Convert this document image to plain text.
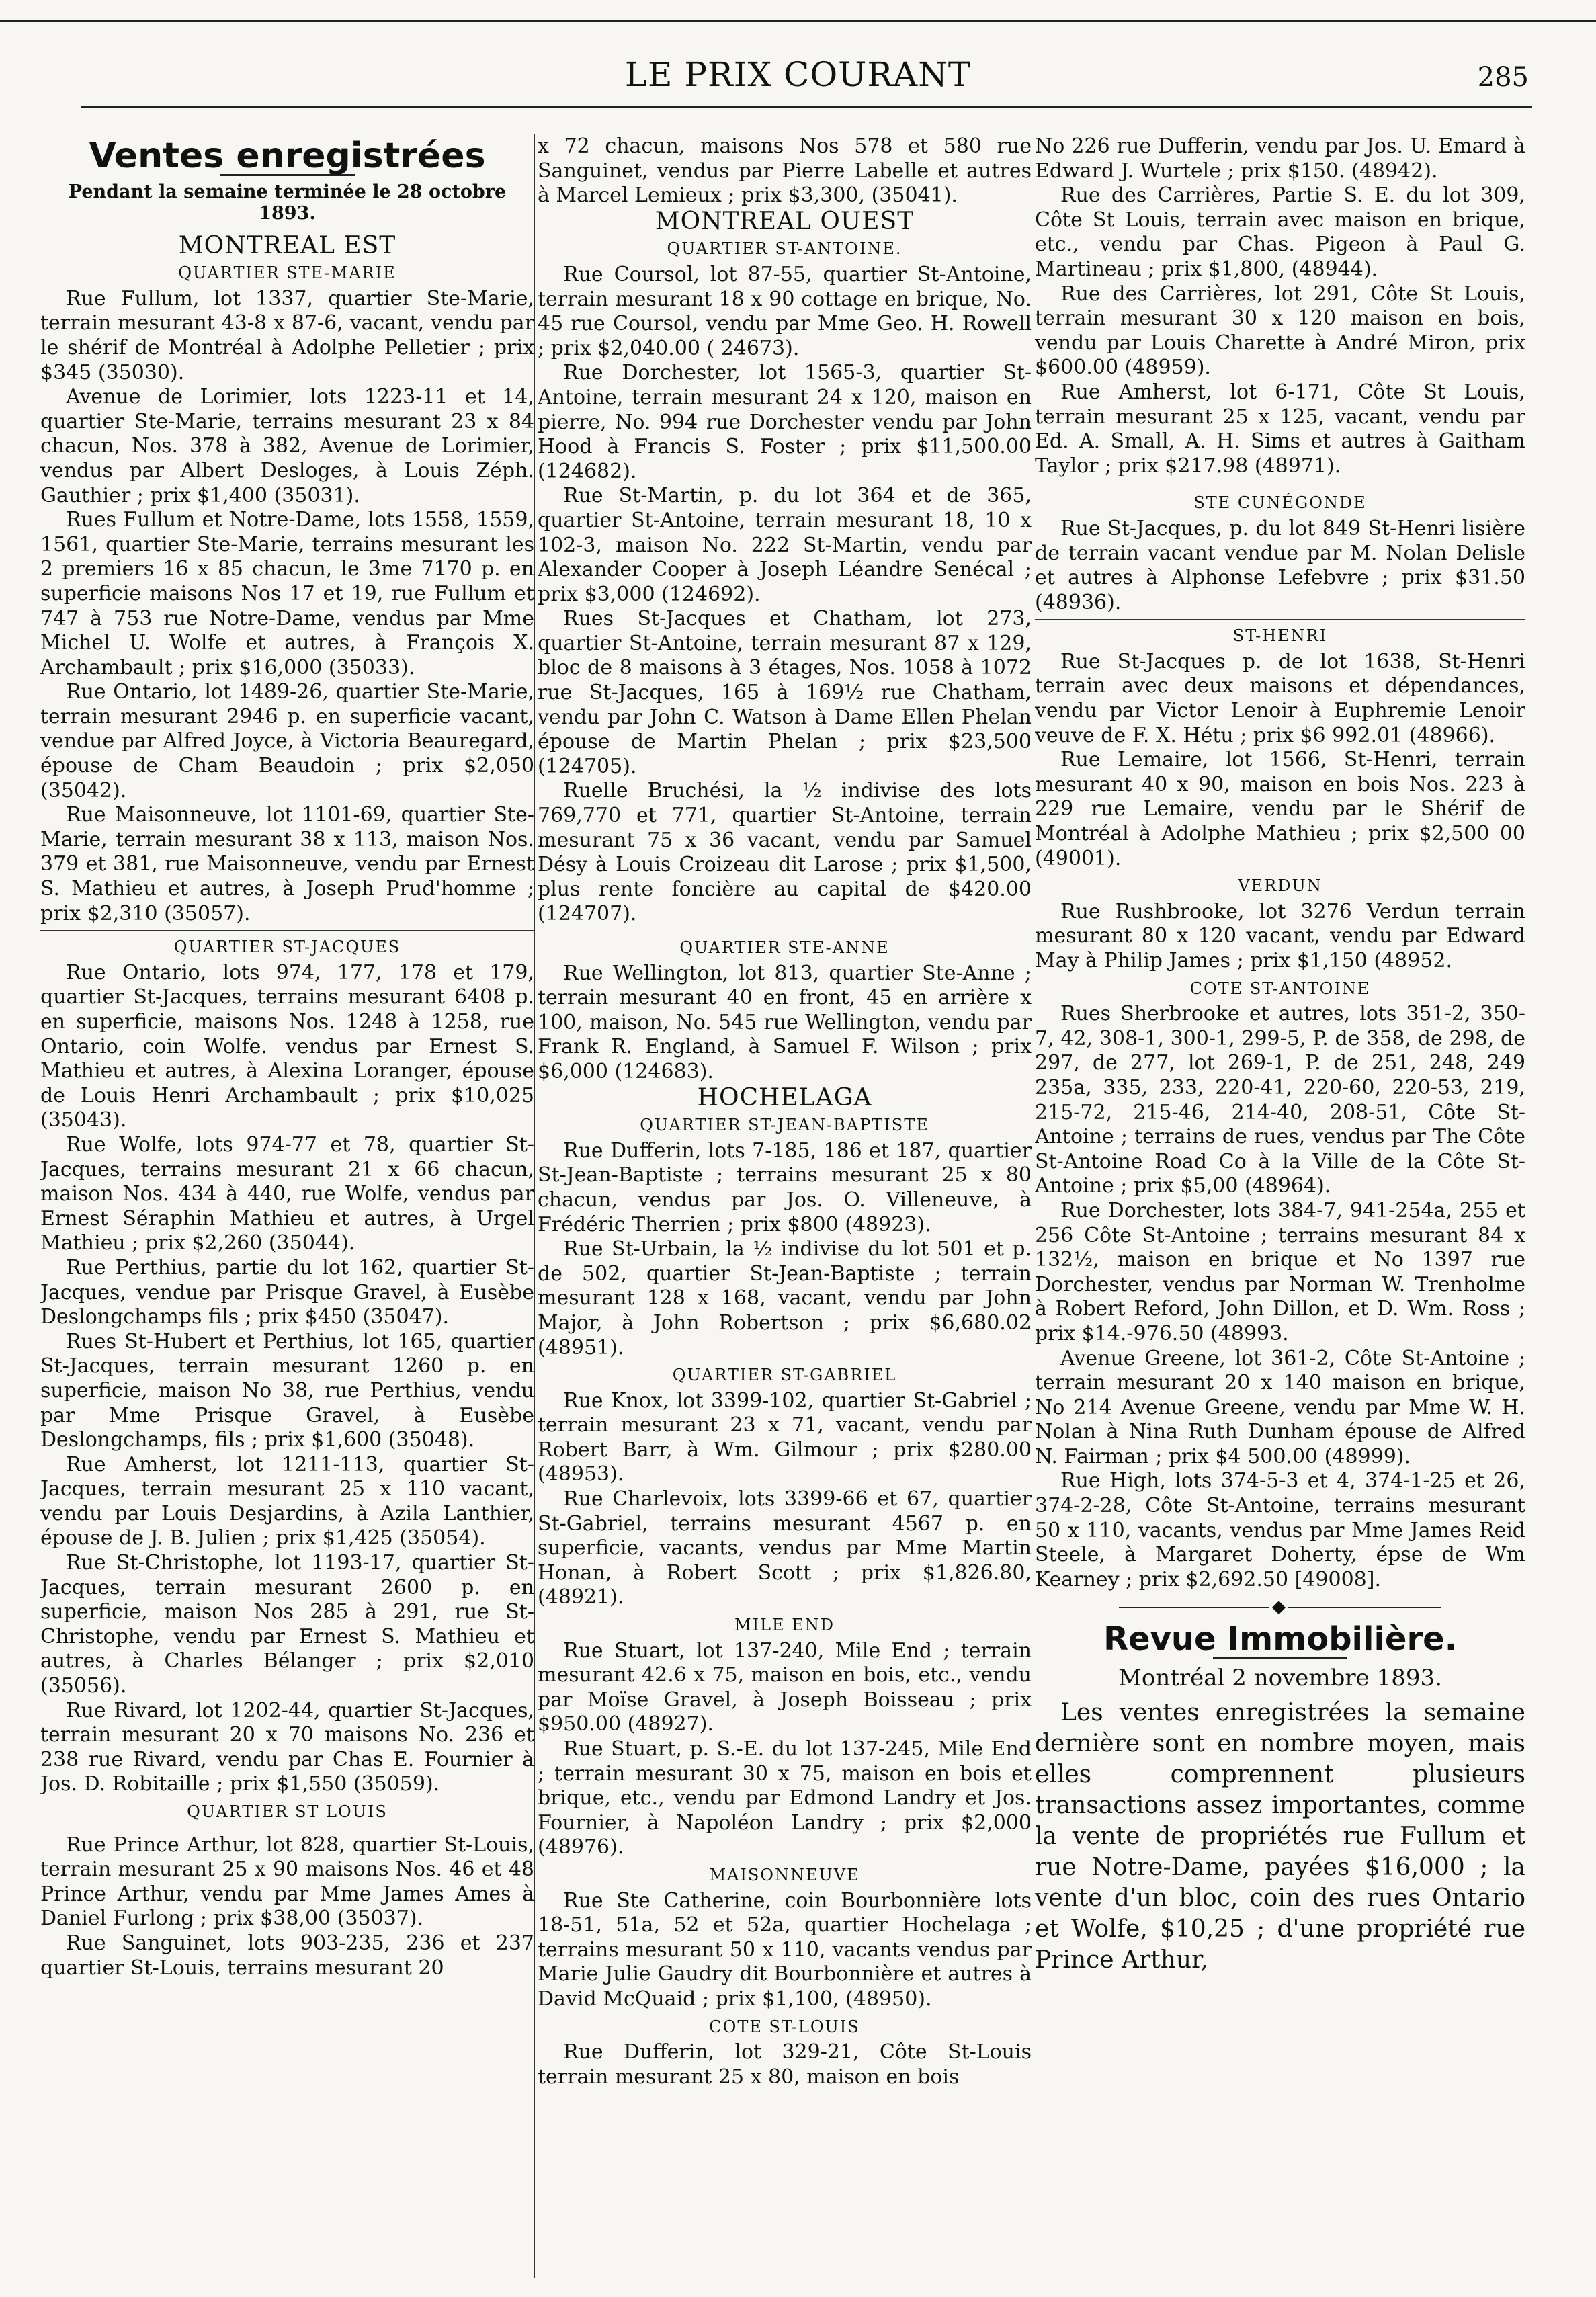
LE PRIX COURANT	285
Ventes enregistrées
Pendant la semaine terminée le 28 octobre 1893.
MONTREAL EST
QUARTIER STE-MARIE

Rue Fullum, lot 1337, quartier Ste-Marie, terrain mesurant 43-8 x 87-6, vacant, vendu par le shérif de Montréal à Adolphe Pelletier ; prix $345 (35030).

Avenue de Lorimier, lots 1223-11 et 14, quartier Ste-Marie, terrains mesurant 23 x 84 chacun, Nos. 378 à 382, Avenue de Lorimier, vendus par Albert Desloges, à Louis Zéph. Gauthier ; prix $1,400 (35031).

Rues Fullum et Notre-Dame, lots 1558, 1559, 1561, quartier Ste-Marie, terrains mesurant les 2 premiers 16 x 85 chacun, le 3me 7170 p. en superficie maisons Nos 17 et 19, rue Fullum et 747 à 753 rue Notre-Dame, vendus par Mme Michel U. Wolfe et autres, à François X. Archambault ; prix $16,000 (35033).

Rue Ontario, lot 1489-26, quartier Ste-Marie, terrain mesurant 2946 p. en superficie vacant, vendue par Alfred Joyce, à Victoria Beauregard, épouse de Cham Beaudoin ; prix $2,050 (35042).

Rue Maisonneuve, lot 1101-69, quartier Ste-Marie, terrain mesurant 38 x 113, maison Nos. 379 et 381, rue Maisonneuve, vendu par Ernest S. Mathieu et autres, à Joseph Prud'homme ; prix $2,310 (35057).

QUARTIER ST-JACQUES

Rue Ontario, lots 974, 177, 178 et 179, quartier St-Jacques, terrains mesurant 6408 p. en superficie, maisons Nos. 1248 à 1258, rue Ontario, coin Wolfe. vendus par Ernest S. Mathieu et autres, à Alexina Loranger, épouse de Louis Henri Archambault ; prix $10,025 (35043).

Rue Wolfe, lots 974-77 et 78, quartier St-Jacques, terrains mesurant 21 x 66 chacun, maison Nos. 434 à 440, rue Wolfe, vendus par Ernest Séraphin Mathieu et autres, à Urgel Mathieu ; prix $2,260 (35044).

Rue Perthius, partie du lot 162, quartier St-Jacques, vendue par Prisque Gravel, à Eusèbe Deslongchamps fils ; prix $450 (35047).

Rues St-Hubert et Perthius, lot 165, quartier St-Jacques, terrain mesurant 1260 p. en superficie, maison No 38, rue Perthius, vendu par Mme Prisque Gravel, à Eusèbe Deslongchamps, fils ; prix $1,600 (35048).

Rue Amherst, lot 1211-113, quartier St-Jacques, terrain mesurant 25 x 110 vacant, vendu par Louis Desjardins, à Azila Lanthier, épouse de J. B. Julien ; prix $1,425 (35054).

Rue St-Christophe, lot 1193-17, quartier St-Jacques, terrain mesurant 2600 p. en superficie, maison Nos 285 à 291, rue St-Christophe, vendu par Ernest S. Mathieu et autres, à Charles Bélanger ; prix $2,010 (35056).

Rue Rivard, lot 1202-44, quartier St-Jacques, terrain mesurant 20 x 70 maisons No. 236 et 238 rue Rivard, vendu par Chas E. Fournier à Jos. D. Robitaille ; prix $1,550 (35059).

QUARTIER ST LOUIS

Rue Prince Arthur, lot 828, quartier St-Louis, terrain mesurant 25 x 90 maisons Nos. 46 et 48 Prince Arthur, vendu par Mme James Ames à Daniel Furlong ; prix $38,00 (35037).

Rue Sanguinet, lots 903-235, 236 et 237 quartier St-Louis, terrains mesurant 20

x 72 chacun, maisons Nos 578 et 580 rue Sanguinet, vendus par Pierre Labelle et autres à Marcel Lemieux ; prix $3,300, (35041).

MONTREAL OUEST
QUARTIER ST-ANTOINE.

Rue Coursol, lot 87-55, quartier St-Antoine, terrain mesurant 18 x 90 cottage en brique, No. 45 rue Coursol, vendu par Mme Geo. H. Rowell ; prix $2,040.00 ( 24673).

Rue Dorchester, lot 1565-3, quartier St-Antoine, terrain mesurant 24 x 120, maison en pierre, No. 994 rue Dorchester vendu par John Hood à Francis S. Foster ; prix $11,500.00 (124682).

Rue St-Martin, p. du lot 364 et de 365, quartier St-Antoine, terrain mesurant 18, 10 x 102-3, maison No. 222 St-Martin, vendu par Alexander Cooper à Joseph Léandre Senécal ; prix $3,000 (124692).

Rues St-Jacques et Chatham, lot 273, quartier St-Antoine, terrain mesurant 87 x 129, bloc de 8 maisons à 3 étages, Nos. 1058 à 1072 rue St-Jacques, 165 à 169½ rue Chatham, vendu par John C. Watson à Dame Ellen Phelan épouse de Martin Phelan ; prix $23,500 (124705).

Ruelle Bruchési, la ½ indivise des lots 769,770 et 771, quartier St-Antoine, terrain mesurant 75 x 36 vacant, vendu par Samuel Désy à Louis Croizeau dit Larose ; prix $1,500, plus rente foncière au capital de $420.00 (124707).

QUARTIER STE-ANNE

Rue Wellington, lot 813, quartier Ste-Anne ; terrain mesurant 40 en front, 45 en arrière x 100, maison, No. 545 rue Wellington, vendu par Frank R. England, à Samuel F. Wilson ; prix $6,000 (124683).

HOCHELAGA
QUARTIER ST-JEAN-BAPTISTE

Rue Dufferin, lots 7-185, 186 et 187, quartier St-Jean-Baptiste ; terrains mesurant 25 x 80 chacun, vendus par Jos. O. Villeneuve, à Frédéric Therrien ; prix $800 (48923).

Rue St-Urbain, la ½ indivise du lot 501 et p. de 502, quartier St-Jean-Baptiste ; terrain mesurant 128 x 168, vacant, vendu par John Major, à John Robertson ; prix $6,680.02 (48951).

QUARTIER ST-GABRIEL

Rue Knox, lot 3399-102, quartier St-Gabriel ; terrain mesurant 23 x 71, vacant, vendu par Robert Barr, à Wm. Gilmour ; prix $280.00 (48953).

Rue Charlevoix, lots 3399-66 et 67, quartier St-Gabriel, terrains mesurant 4567 p. en superficie, vacants, vendus par Mme Martin Honan, à Robert Scott ; prix $1,826.80, (48921).

MILE END

Rue Stuart, lot 137-240, Mile End ; terrain mesurant 42.6 x 75, maison en bois, etc., vendu par Moïse Gravel, à Joseph Boisseau ; prix $950.00 (48927).

Rue Stuart, p. S.-E. du lot 137-245, Mile End ; terrain mesurant 30 x 75, maison en bois et brique, etc., vendu par Edmond Landry et Jos. Fournier, à Napoléon Landry ; prix $2,000 (48976).

MAISONNEUVE

Rue Ste Catherine, coin Bourbonnière lots 18-51, 51a, 52 et 52a, quartier Hochelaga ; terrains mesurant 50 x 110, vacants vendus par Marie Julie Gaudry dit Bourbonnière et autres à David McQuaid ; prix $1,100, (48950).

COTE ST-LOUIS

Rue Dufferin, lot 329-21, Côte St-Louis terrain mesurant 25 x 80, maison en bois

No 226 rue Dufferin, vendu par Jos. U. Emard à Edward J. Wurtele ; prix $150. (48942).

Rue des Carrières, Partie S. E. du lot 309, Côte St Louis, terrain avec maison en brique, etc., vendu par Chas. Pigeon à Paul G. Martineau ; prix $1,800, (48944).

Rue des Carrières, lot 291, Côte St Louis, terrain mesurant 30 x 120 maison en bois, vendu par Louis Charette à André Miron, prix $600.00 (48959).

Rue Amherst, lot 6-171, Côte St Louis, terrain mesurant 25 x 125, vacant, vendu par Ed. A. Small, A. H. Sims et autres à Gaitham Taylor ; prix $217.98 (48971).

STE CUNÉGONDE

Rue St-Jacques, p. du lot 849 St-Henri lisière de terrain vacant vendue par M. Nolan Delisle et autres à Alphonse Lefebvre ; prix $31.50 (48936).

ST-HENRI

Rue St-Jacques p. de lot 1638, St-Henri terrain avec deux maisons et dépendances, vendu par Victor Lenoir à Euphremie Lenoir veuve de F. X. Hétu ; prix $6 992.01 (48966).

Rue Lemaire, lot 1566, St-Henri, terrain mesurant 40 x 90, maison en bois Nos. 223 à 229 rue Lemaire, vendu par le Shérif de Montréal à Adolphe Mathieu ; prix $2,500 00 (49001).

VERDUN

Rue Rushbrooke, lot 3276 Verdun terrain mesurant 80 x 120 vacant, vendu par Edward May à Philip James ; prix $1,150 (48952.

COTE ST-ANTOINE

Rues Sherbrooke et autres, lots 351-2, 350-7, 42, 308-1, 300-1, 299-5, P. de 358, de 298, de 297, de 277, lot 269-1, P. de 251, 248, 249 235a, 335, 233, 220-41, 220-60, 220-53, 219, 215-72, 215-46, 214-40, 208-51, Côte St-Antoine ; terrains de rues, vendus par The Côte St-Antoine Road Co à la Ville de la Côte St-Antoine ; prix $5,00 (48964).

Rue Dorchester, lots 384-7, 941-254a, 255 et 256 Côte St-Antoine ; terrains mesurant 84 x 132½, maison en brique et No 1397 rue Dorchester, vendus par Norman W. Trenholme à Robert Reford, John Dillon, et D. Wm. Ross ; prix $14.-976.50 (48993.

Avenue Greene, lot 361-2, Côte St-Antoine ; terrain mesurant 20 x 140 maison en brique, No 214 Avenue Greene, vendu par Mme W. H. Nolan à Nina Ruth Dunham épouse de Alfred N. Fairman ; prix $4 500.00 (48999).

Rue High, lots 374-5-3 et 4, 374-1-25 et 26, 374-2-28, Côte St-Antoine, terrains mesurant 50 x 110, vacants, vendus par Mme James Reid Steele, à Margaret Doherty, épse de Wm Kearney ; prix $2,692.50 [49008].

◆
Revue Immobilière.
Montréal 2 novembre 1893.

Les ventes enregistrées la semaine dernière sont en nombre moyen, mais elles comprennent plusieurs transactions assez importantes, comme la vente de propriétés rue Fullum et rue Notre-Dame, payées $16,000 ; la vente d'un bloc, coin des rues Ontario et Wolfe, $10,25 ; d'une propriété rue Prince Arthur,
